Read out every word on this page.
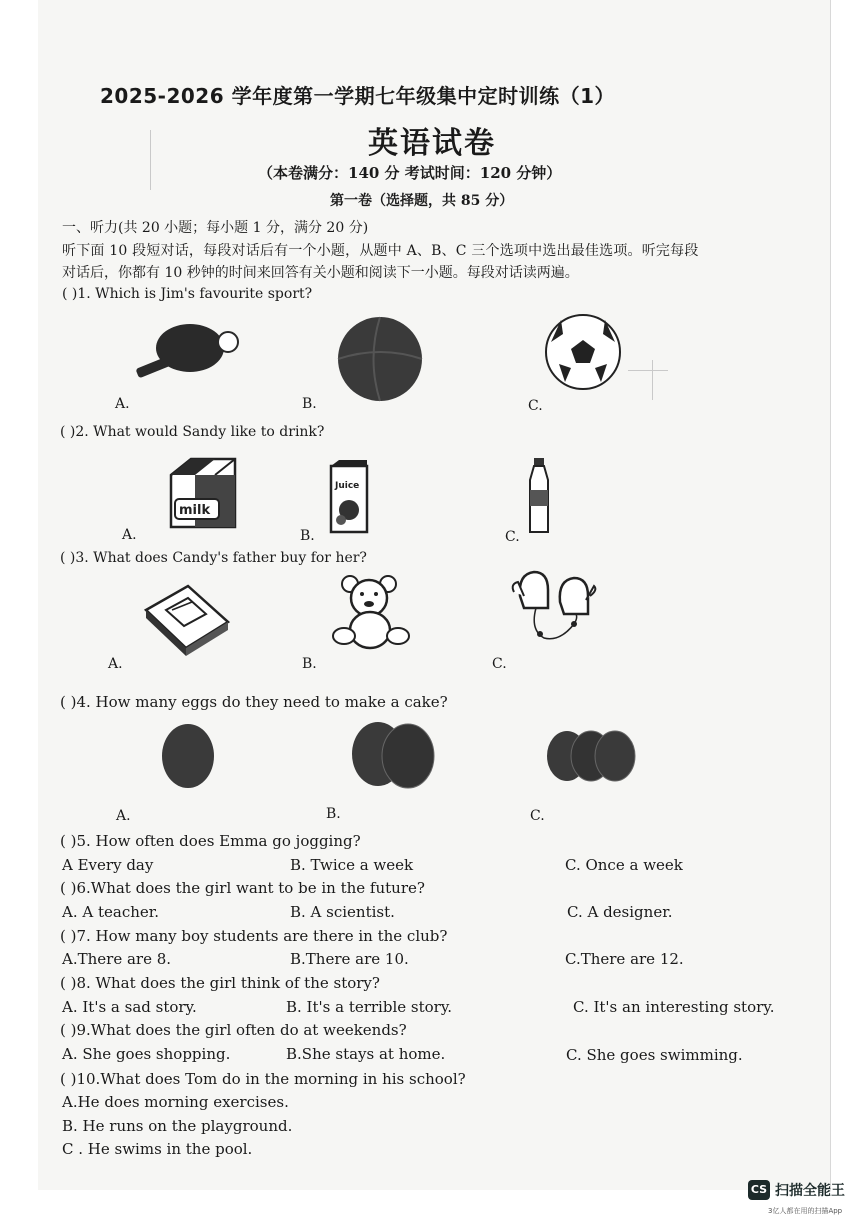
2025-2026 学年度第一学期七年级集中定时训练（1）
英语试卷
（本卷满分：140 分 考试时间：120 分钟）
第一卷（选择题，共 85 分）
一、听力(共 20 小题；每小题 1 分，满分 20 分)
听下面 10 段短对话，每段对话后有一个小题，从题中 A、B、C 三个选项中选出最佳选项。听完每段
对话后，你都有 10 秒钟的时间来回答有关小题和阅读下一小题。每段对话读两遍。
( )1. Which is Jim's favourite sport?
A.	B.	C.
( )2. What would Sandy like to drink?
milk
Juice
A.	B.	C.
( )3. What does Candy's father buy for her?
A.	B.	C.
( )4. How many eggs do they need to make a cake?
A.	B.	C.
( )5. How often does Emma go jogging?
A Every day	B. Twice a week	C. Once a week
( )6.What does the girl want to be in the future?
A. A teacher.	B. A scientist.	C. A designer.
( )7. How many boy students are there in the club?
A.There are 8.	B.There are 10.	C.There are 12.
( )8. What does the girl think of the story?
A. It's a sad story.	B. It's a terrible story.	C. It's an interesting story.
( )9.What does the girl often do at weekends?
A. She goes shopping.	B.She stays at home.	C. She goes swimming.
( )10.What does Tom do in the morning in his school?
A.He does morning exercises.
B. He runs on the playground.
C . He swims in the pool.
CS 扫描全能王
3亿人都在用的扫描App
